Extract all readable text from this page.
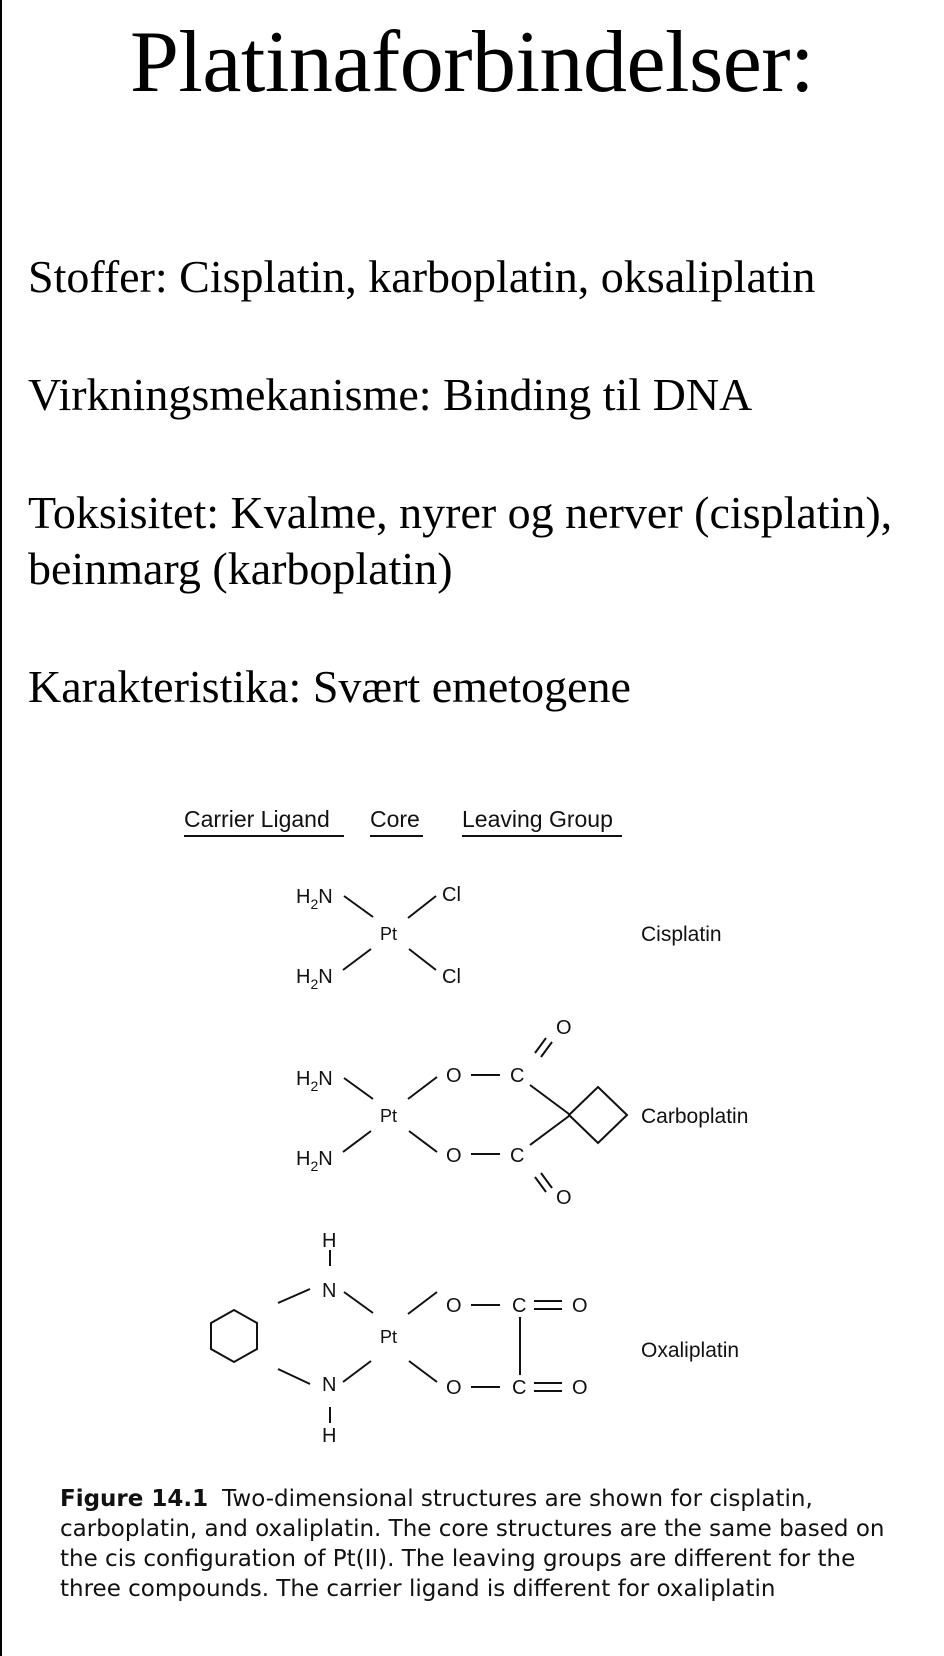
Platinaforbindelser:
Stoffer: Cisplatin, karboplatin, oksaliplatin
Virkningsmekanisme: Binding til DNA
Toksisitet: Kvalme, nyrer og nerver (cisplatin),
beinmarg (karboplatin)
Karakteristika: Svært emetogene
Carrier Ligand Core Leaving Group
$H_2N$
$H_2N$
Pt
Cl
Cl
Cisplatin
$H_2N$
$H_2N$
Pt
O
O
C
C
O
O
Carboplatin
H
N
N
H
Pt
O
O
C
C
O
O
Oxaliplatin
Figure 14.1 Two-dimensional structures are shown for cisplatin, carboplatin, and oxaliplatin. The core structures are the same based on the cis configuration of Pt(II). The leaving groups are different for the three compounds. The carrier ligand is different for oxaliplatin
